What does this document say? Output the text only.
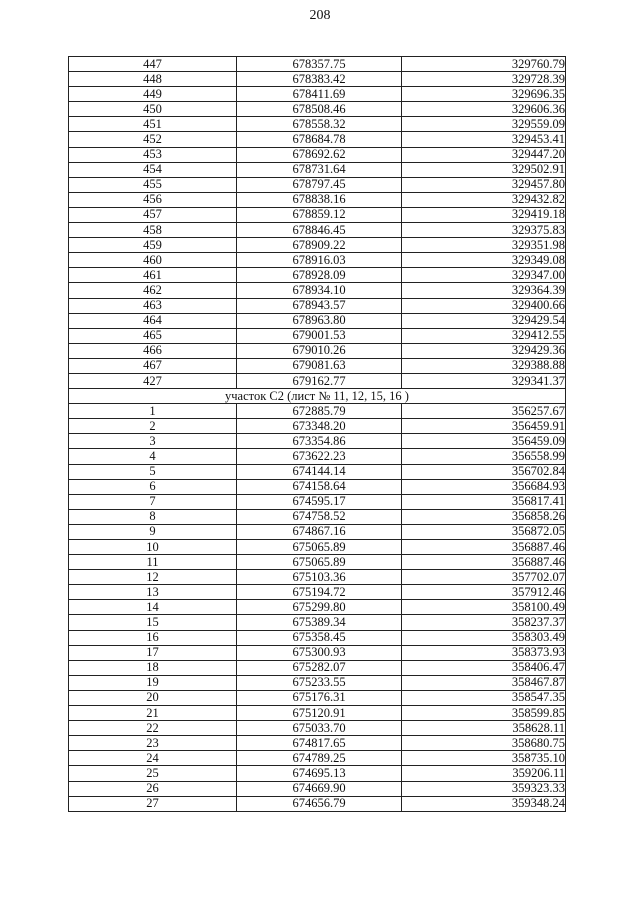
208
447	678357.75	329760.79
448	678383.42	329728.39
449	678411.69	329696.35
450	678508.46	329606.36
451	678558.32	329559.09
452	678684.78	329453.41
453	678692.62	329447.20
454	678731.64	329502.91
455	678797.45	329457.80
456	678838.16	329432.82
457	678859.12	329419.18
458	678846.45	329375.83
459	678909.22	329351.98
460	678916.03	329349.08
461	678928.09	329347.00
462	678934.10	329364.39
463	678943.57	329400.66
464	678963.80	329429.54
465	679001.53	329412.55
466	679010.26	329429.36
467	679081.63	329388.88
427	679162.77	329341.37
участок С2 (лист № 11, 12, 15, 16 )		
1	672885.79	356257.67
2	673348.20	356459.91
3	673354.86	356459.09
4	673622.23	356558.99
5	674144.14	356702.84
6	674158.64	356684.93
7	674595.17	356817.41
8	674758.52	356858.26
9	674867.16	356872.05
10	675065.89	356887.46
11	675065.89	356887.46
12	675103.36	357702.07
13	675194.72	357912.46
14	675299.80	358100.49
15	675389.34	358237.37
16	675358.45	358303.49
17	675300.93	358373.93
18	675282.07	358406.47
19	675233.55	358467.87
20	675176.31	358547.35
21	675120.91	358599.85
22	675033.70	358628.11
23	674817.65	358680.75
24	674789.25	358735.10
25	674695.13	359206.11
26	674669.90	359323.33
27	674656.79	359348.24
